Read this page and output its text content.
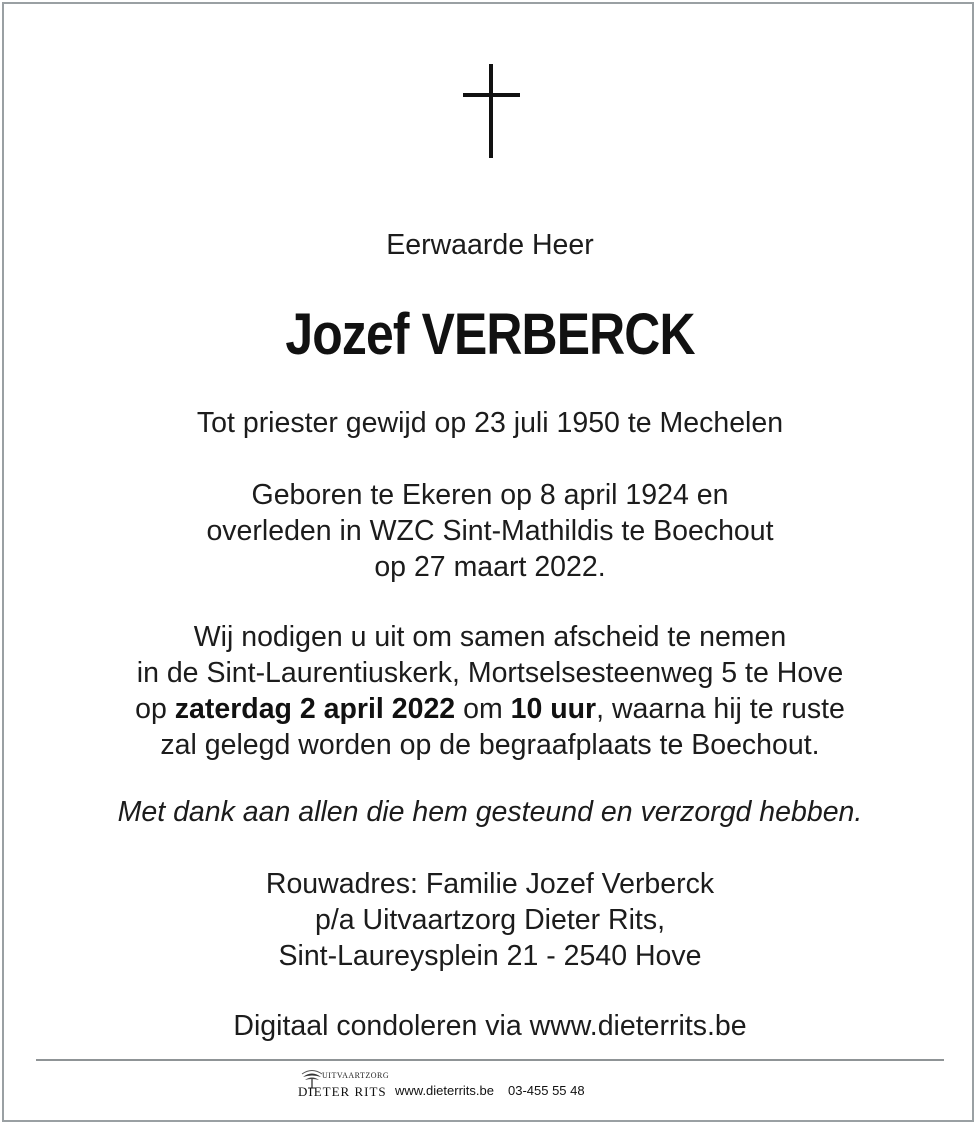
Eerwaarde Heer
Jozef VERBERCK
Tot priester gewijd op 23 juli 1950 te Mechelen
Geboren te Ekeren op 8 april 1924 en
overleden in WZC Sint-Mathildis te Boechout
op 27 maart 2022.
Wij nodigen u uit om samen afscheid te nemen
in de Sint-Laurentiuskerk, Mortselsesteenweg 5 te Hove
op zaterdag 2 april 2022 om 10 uur, waarna hij te ruste
zal gelegd worden op de begraafplaats te Boechout.
Met dank aan allen die hem gesteund en verzorgd hebben.
Rouwadres: Familie Jozef Verberck
p/a Uitvaartzorg Dieter Rits,
Sint-Laureysplein 21 - 2540 Hove
Digitaal condoleren via www.dieterrits.be
UITVAARTZORG
DIETER RITS www.dieterrits.be 03-455 55 48
